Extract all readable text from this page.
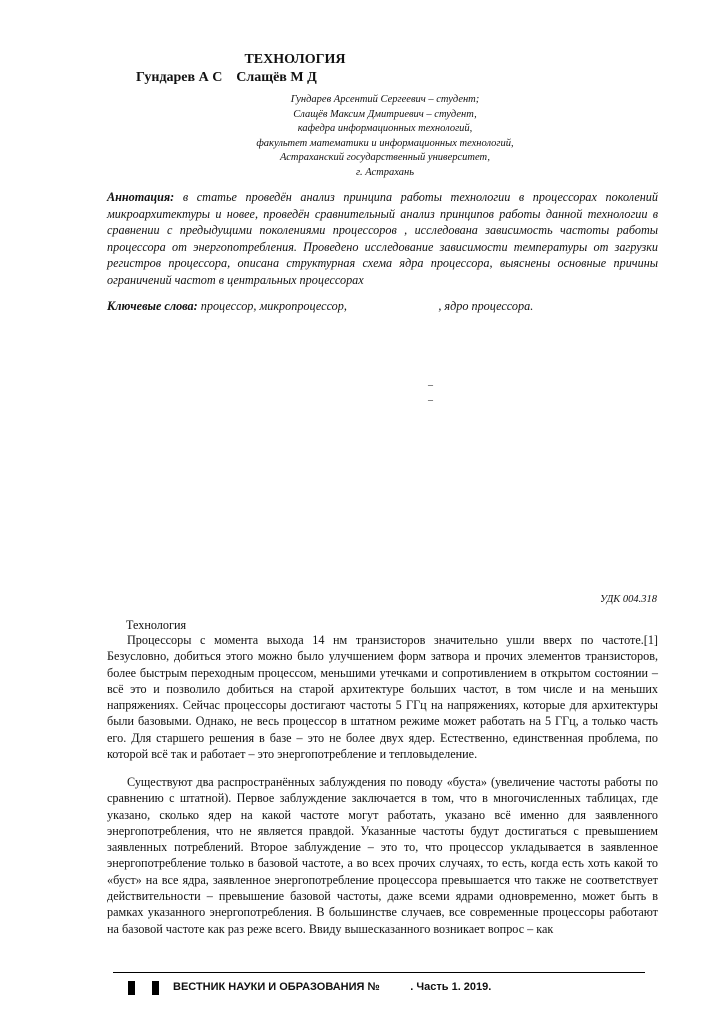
ТЕХНОЛОГИЯ
Гундарев А С    Слащёв М Д
Гундарев Арсентий Сергеевич – студент;
Слащёв Максим Дмитриевич – студент,
кафедра информационных технологий,
факультет математики и информационных технологий,
Астраханский государственный университет,
г. Астрахань
Аннотация: в статье проведён анализ принципа работы технологии в процессорах поколений микроархитектуры и новее, проведён сравнительный анализ принципов работы данной технологии в сравнении с предыдущими поколениями процессоров , исследована зависимость частоты работы процессора от энергопотребления. Проведено исследование зависимости температуры от загрузки регистров процессора, описана структурная схема ядра процессора, выяснены основные причины ограничений частот в центральных процессорах
Ключевые слова: процессор, микропроцессор,                              , ядро процессора.
–
–
УДК 004.318
Технология
Процессоры с момента выхода 14 нм транзисторов значительно ушли вверх по частоте.[1] Безусловно, добиться этого можно было улучшением форм затвора и прочих элементов транзисторов, более быстрым переходным процессом, меньшими утечками и сопротивлением в открытом состоянии – всё это и позволило добиться на старой архитектуре больших частот, в том числе и на меньших напряжениях. Сейчас процессоры достигают частоты 5 ГГц на напряжениях, которые для архитектуры были базовыми. Однако, не весь процессор в штатном режиме может работать на 5 ГГц, а только часть его. Для старшего решения в базе – это не более двух ядер. Естественно, единственная проблема, по которой всё так и работает – это энергопотребление и тепловыделение.
Существуют два распространённых заблуждения по поводу «буста» (увеличение частоты работы по сравнению с штатной). Первое заблуждение заключается в том, что в многочисленных таблицах, где указано, сколько ядер на какой частоте могут работать, указано всё именно для заявленного энергопотребления, что не является правдой. Указанные частоты будут достигаться с превышением заявленных потреблений. Второе заблуждение – это то, что процессор укладывается в заявленное энергопотребление только в базовой частоте, а во всех прочих случаях, то есть, когда есть хоть какой то «буст» на все ядра, заявленное энергопотребление процессора превышается что также не соответствует действительности – превышение базовой частоты, даже всеми ядрами одновременно, может быть в рамках указанного энергопотребления. В большинстве случаев, все современные процессоры работают на базовой частоте как раз реже всего. Ввиду вышесказанного возникает вопрос – как
ВЕСТНИК НАУКИ И ОБРАЗОВАНИЯ №          . Часть 1. 2019.
